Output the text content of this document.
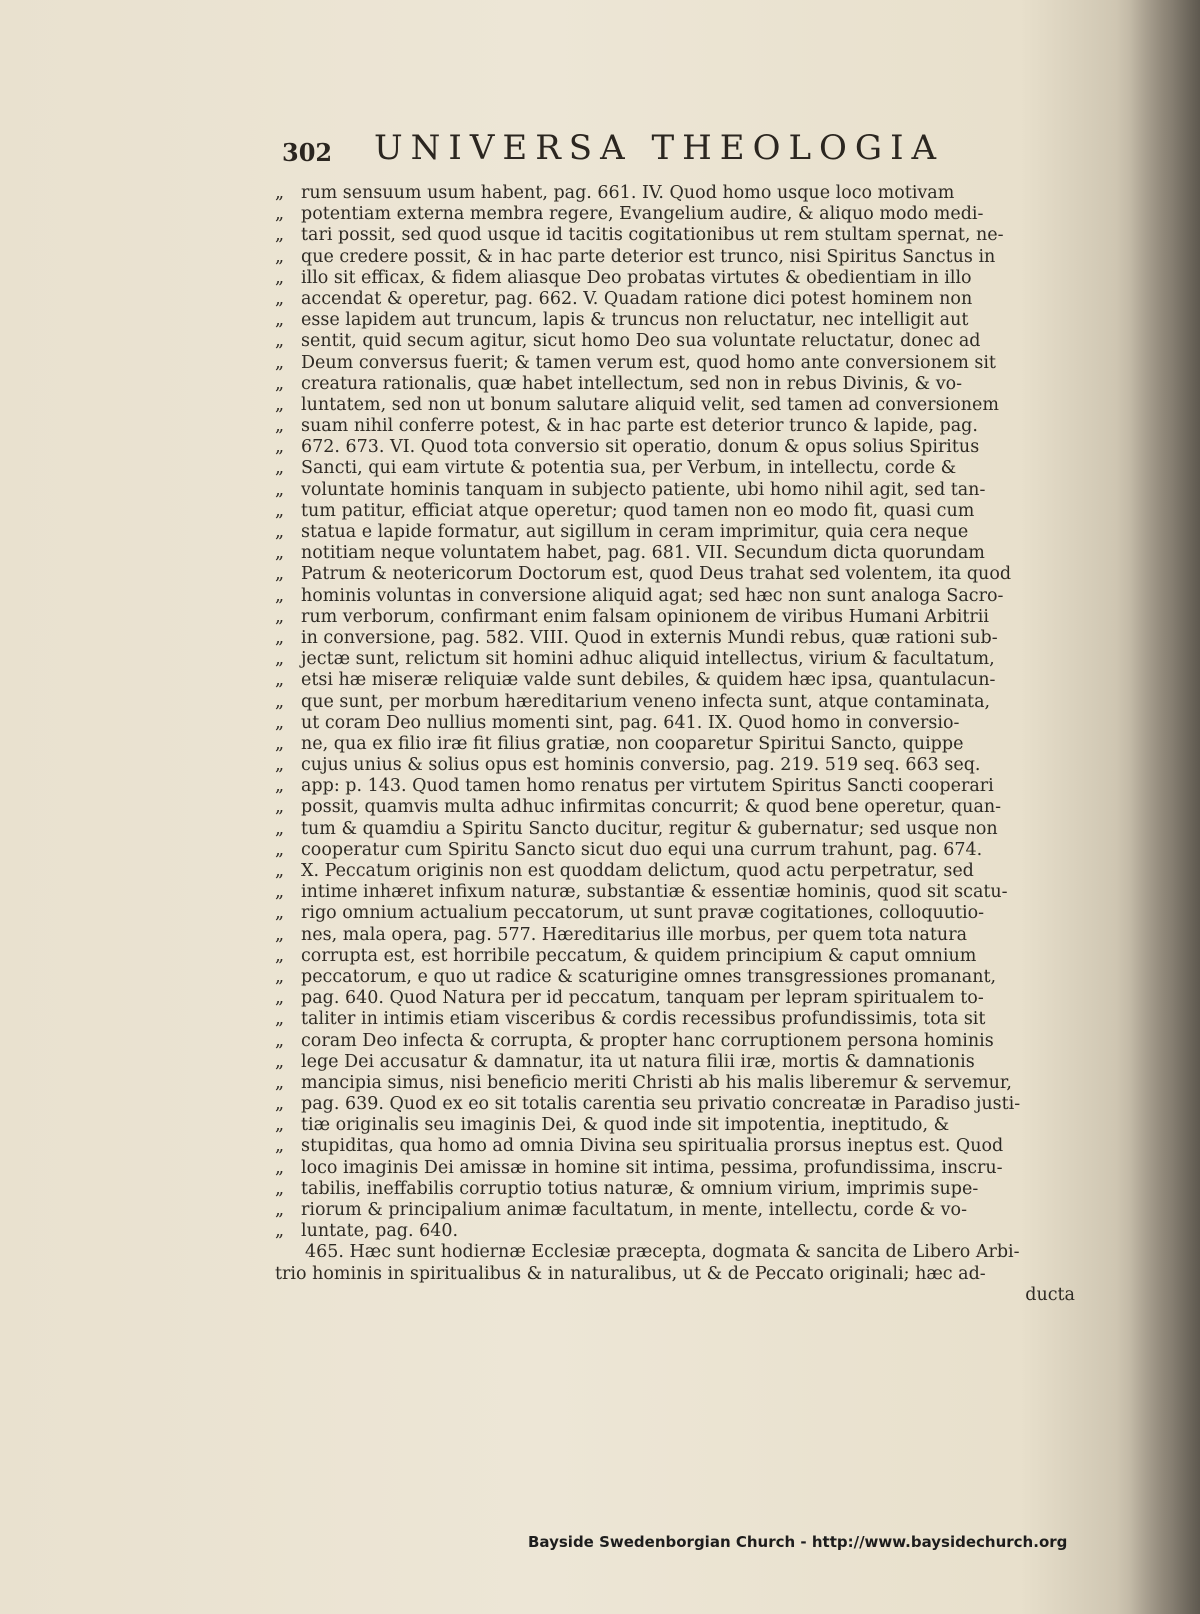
302 UNIVERSA THEOLOGIA
„ rum sensuum usum habent, pag. 661. IV. Quod homo usque loco motivam
„ potentiam externa membra regere, Evangelium audire, & aliquo modo medi-
„ tari possit, sed quod usque id tacitis cogitationibus ut rem stultam spernat, ne-
„ que credere possit, & in hac parte deterior est trunco, nisi Spiritus Sanctus in
„ illo sit efficax, & fidem aliasque Deo probatas virtutes & obedientiam in illo
„ accendat & operetur, pag. 662. V. Quadam ratione dici potest hominem non
„ esse lapidem aut truncum, lapis & truncus non reluctatur, nec intelligit aut
„ sentit, quid secum agitur, sicut homo Deo sua voluntate reluctatur, donec ad
„ Deum conversus fuerit; & tamen verum est, quod homo ante conversionem sit
„ creatura rationalis, quæ habet intellectum, sed non in rebus Divinis, & vo-
„ luntatem, sed non ut bonum salutare aliquid velit, sed tamen ad conversionem
„ suam nihil conferre potest, & in hac parte est deterior trunco & lapide, pag.
„ 672. 673. VI. Quod tota conversio sit operatio, donum & opus solius Spiritus
„ Sancti, qui eam virtute & potentia sua, per Verbum, in intellectu, corde &
„ voluntate hominis tanquam in subjecto patiente, ubi homo nihil agit, sed tan-
„ tum patitur, efficiat atque operetur; quod tamen non eo modo fit, quasi cum
„ statua e lapide formatur, aut sigillum in ceram imprimitur, quia cera neque
„ notitiam neque voluntatem habet, pag. 681. VII. Secundum dicta quorundam
„ Patrum & neotericorum Doctorum est, quod Deus trahat sed volentem, ita quod
„ hominis voluntas in conversione aliquid agat; sed hæc non sunt analoga Sacro-
„ rum verborum, confirmant enim falsam opinionem de viribus Humani Arbitrii
„ in conversione, pag. 582. VIII. Quod in externis Mundi rebus, quæ rationi sub-
„ jectæ sunt, relictum sit homini adhuc aliquid intellectus, virium & facultatum,
„ etsi hæ miseræ reliquiæ valde sunt debiles, & quidem hæc ipsa, quantulacun-
„ que sunt, per morbum hæreditarium veneno infecta sunt, atque contaminata,
„ ut coram Deo nullius momenti sint, pag. 641. IX. Quod homo in conversio-
„ ne, qua ex filio iræ fit filius gratiæ, non cooparetur Spiritui Sancto, quippe
„ cujus unius & solius opus est hominis conversio, pag. 219. 519 seq. 663 seq.
„ app: p. 143. Quod tamen homo renatus per virtutem Spiritus Sancti cooperari
„ possit, quamvis multa adhuc infirmitas concurrit; & quod bene operetur, quan-
„ tum & quamdiu a Spiritu Sancto ducitur, regitur & gubernatur; sed usque non
„ cooperatur cum Spiritu Sancto sicut duo equi una currum trahunt, pag. 674.
„ X. Peccatum originis non est quoddam delictum, quod actu perpetratur, sed
„ intime inhæret infixum naturæ, substantiæ & essentiæ hominis, quod sit scatu-
„ rigo omnium actualium peccatorum, ut sunt pravæ cogitationes, colloquutio-
„ nes, mala opera, pag. 577. Hæreditarius ille morbus, per quem tota natura
„ corrupta est, est horribile peccatum, & quidem principium & caput omnium
„ peccatorum, e quo ut radice & scaturigine omnes transgressiones promanant,
„ pag. 640. Quod Natura per id peccatum, tanquam per lepram spiritualem to-
„ taliter in intimis etiam visceribus & cordis recessibus profundissimis, tota sit
„ coram Deo infecta & corrupta, & propter hanc corruptionem persona hominis
„ lege Dei accusatur & damnatur, ita ut natura filii iræ, mortis & damnationis
„ mancipia simus, nisi beneficio meriti Christi ab his malis liberemur & servemur,
„ pag. 639. Quod ex eo sit totalis carentia seu privatio concreatæ in Paradiso justi-
„ tiæ originalis seu imaginis Dei, & quod inde sit impotentia, ineptitudo, &
„ stupiditas, qua homo ad omnia Divina seu spiritualia prorsus ineptus est. Quod
„ loco imaginis Dei amissæ in homine sit intima, pessima, profundissima, inscru-
„ tabilis, ineffabilis corruptio totius naturæ, & omnium virium, imprimis supe-
„ riorum & principalium animæ facultatum, in mente, intellectu, corde & vo-
„ luntate, pag. 640.
465. Hæc sunt hodiernæ Ecclesiæ præcepta, dogmata & sancita de Libero Arbi-
trio hominis in spiritualibus & in naturalibus, ut & de Peccato originali; hæc ad-
ducta
Bayside Swedenborgian Church - http://www.baysidechurch.org
